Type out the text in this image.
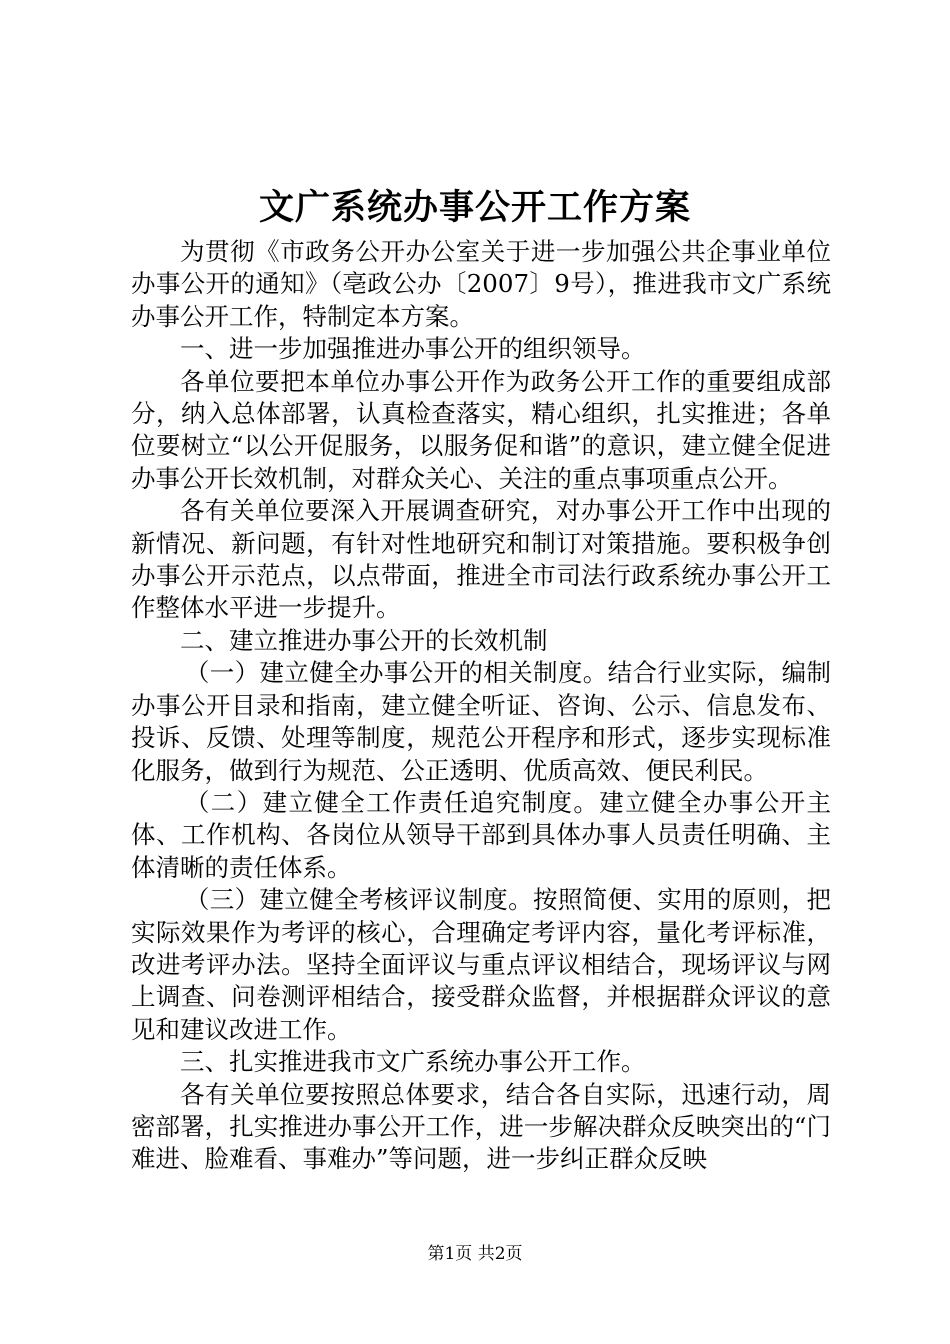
文广系统办事公开工作方案

为贯彻《市政务公开办公室关于进一步加强公共企事业单位办事公开的通知》（亳政公办〔2007〕9号），推进我市文广系统办事公开工作，特制定本方案。

一、进一步加强推进办事公开的组织领导。

各单位要把本单位办事公开作为政务公开工作的重要组成部分，纳入总体部署，认真检查落实，精心组织，扎实推进；各单位要树立“以公开促服务，以服务促和谐”的意识，建立健全促进办事公开长效机制，对群众关心、关注的重点事项重点公开。

各有关单位要深入开展调查研究，对办事公开工作中出现的新情况、新问题，有针对性地研究和制订对策措施。要积极争创办事公开示范点，以点带面，推进全市司法行政系统办事公开工作整体水平进一步提升。

二、建立推进办事公开的长效机制

（一）建立健全办事公开的相关制度。结合行业实际，编制办事公开目录和指南，建立健全听证、咨询、公示、信息发布、投诉、反馈、处理等制度，规范公开程序和形式，逐步实现标准化服务，做到行为规范、公正透明、优质高效、便民利民。

（二）建立健全工作责任追究制度。建立健全办事公开主体、工作机构、各岗位从领导干部到具体办事人员责任明确、主体清晰的责任体系。

（三）建立健全考核评议制度。按照简便、实用的原则，把实际效果作为考评的核心，合理确定考评内容，量化考评标准，改进考评办法。坚持全面评议与重点评议相结合，现场评议与网上调查、问卷测评相结合，接受群众监督，并根据群众评议的意见和建议改进工作。

三、扎实推进我市文广系统办事公开工作。

各有关单位要按照总体要求，结合各自实际，迅速行动，周密部署，扎实推进办事公开工作，进一步解决群众反映突出的“门难进、脸难看、事难办”等问题，进一步纠正群众反映

第1页 共2页
